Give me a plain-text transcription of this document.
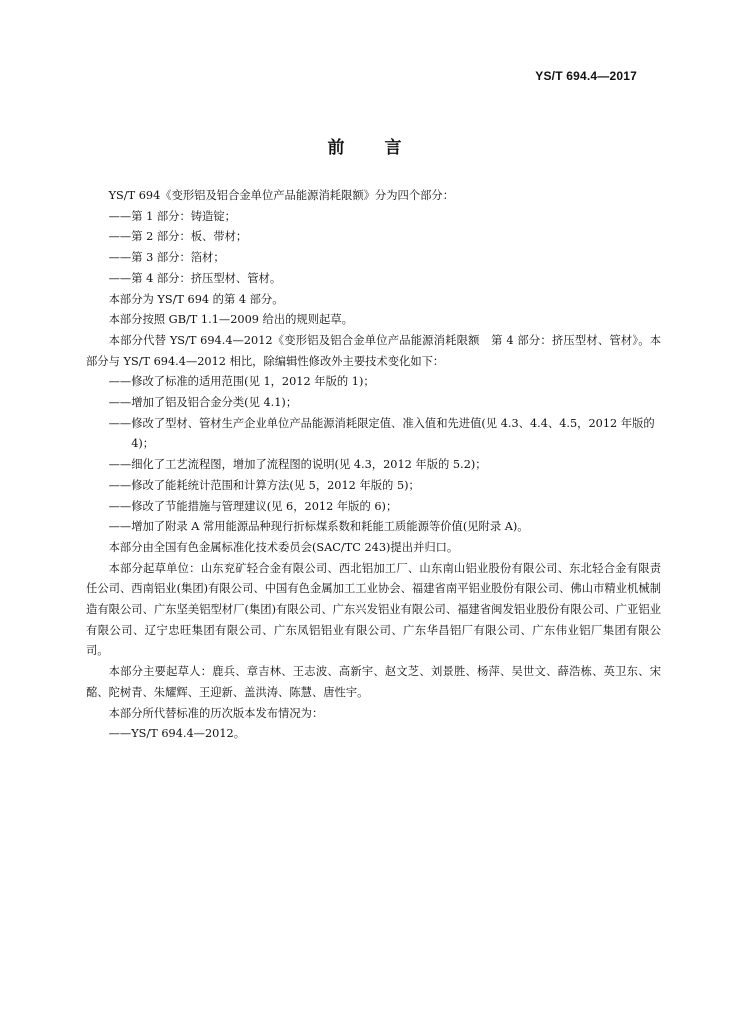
YS/T 694.4—2017
前言

YS/T 694《变形铝及铝合金单位产品能源消耗限额》分为四个部分：

——第 1 部分：铸造锭；

——第 2 部分：板、带材；

——第 3 部分：箔材；

——第 4 部分：挤压型材、管材。

本部分为 YS/T 694 的第 4 部分。

本部分按照 GB/T 1.1—2009 给出的规则起草。

本部分代替 YS/T 694.4—2012《变形铝及铝合金单位产品能源消耗限额　第 4 部分：挤压型材、管材》。本部分与 YS/T 694.4—2012 相比，除编辑性修改外主要技术变化如下：

——修改了标准的适用范围(见 1，2012 年版的 1)；

——增加了铝及铝合金分类(见 4.1)；

——修改了型材、管材生产企业单位产品能源消耗限定值、准入值和先进值(见 4.3、4.4、4.5，2012 年版的 4)；

——细化了工艺流程图，增加了流程图的说明(见 4.3，2012 年版的 5.2)；

——修改了能耗统计范围和计算方法(见 5，2012 年版的 5)；

——修改了节能措施与管理建议(见 6，2012 年版的 6)；

——增加了附录 A 常用能源品种现行折标煤系数和耗能工质能源等价值(见附录 A)。

本部分由全国有色金属标准化技术委员会(SAC/TC 243)提出并归口。

本部分起草单位：山东兖矿轻合金有限公司、西北铝加工厂、山东南山铝业股份有限公司、东北轻合金有限责任公司、西南铝业(集团)有限公司、中国有色金属加工工业协会、福建省南平铝业股份有限公司、佛山市精业机械制造有限公司、广东坚美铝型材厂(集团)有限公司、广东兴发铝业有限公司、福建省闽发铝业股份有限公司、广亚铝业有限公司、辽宁忠旺集团有限公司、广东凤铝铝业有限公司、广东华昌铝厂有限公司、广东伟业铝厂集团有限公司。

本部分主要起草人：鹿兵、章吉林、王志波、高新宇、赵文芝、刘景胜、杨萍、吴世文、薛浩栋、英卫东、宋酩、陀树青、朱耀辉、王迎新、盖洪涛、陈慧、唐性宇。

本部分所代替标准的历次版本发布情况为：

——YS/T 694.4—2012。
